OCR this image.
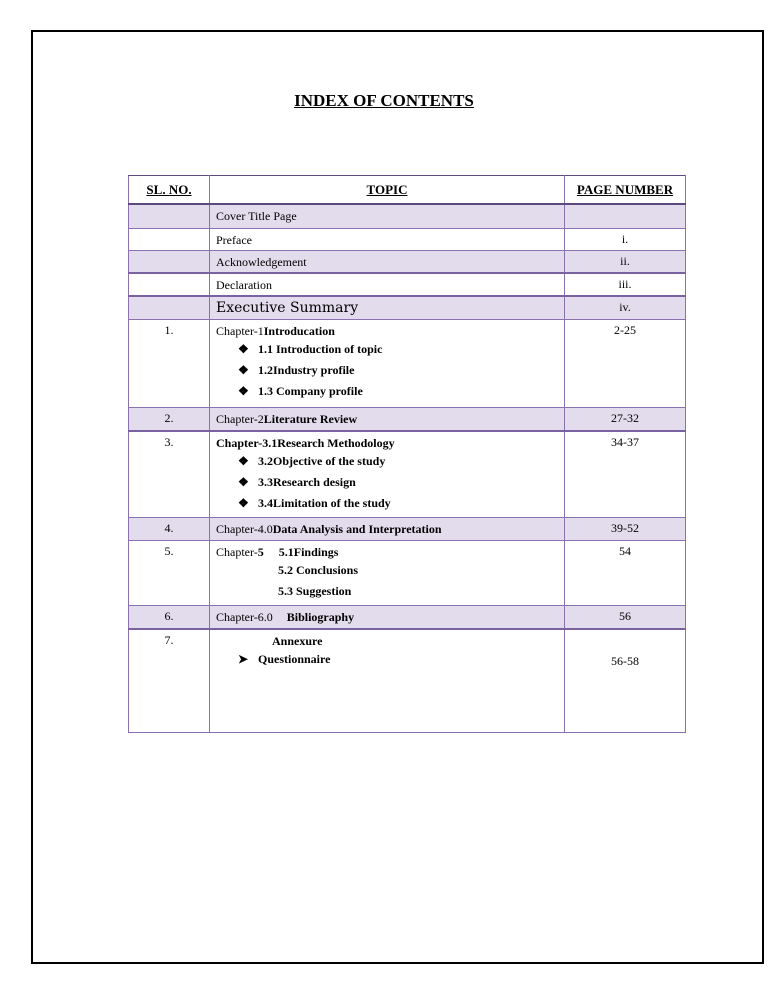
INDEX OF CONTENTS
SL. NO.	TOPIC	PAGE NUMBER
	Cover Title Page	
	Preface	i.
	Acknowledgement	ii.
	Declaration	iii.
	Executive Summary	iv.
1.	Chapter-1Introducation
❖ 1.1 Introduction of topic
❖ 1.2Industry profile
❖ 1.3 Company profile	2-25
2.	Chapter-2Literature Review	27-32
3.	Chapter-3.1Research Methodology
❖ 3.2Objective of the study
❖ 3.3Research design
❖ 3.4Limitation of the study	34-37
4.	Chapter-4.0Data Analysis and Interpretation	39-52
5.	Chapter-5     5.1Findings
5.2 Conclusions
5.3 Suggestion	54
6.	Chapter-6.0 Bibliography	56
7.	Annexure
➤ Questionnaire	56-58
